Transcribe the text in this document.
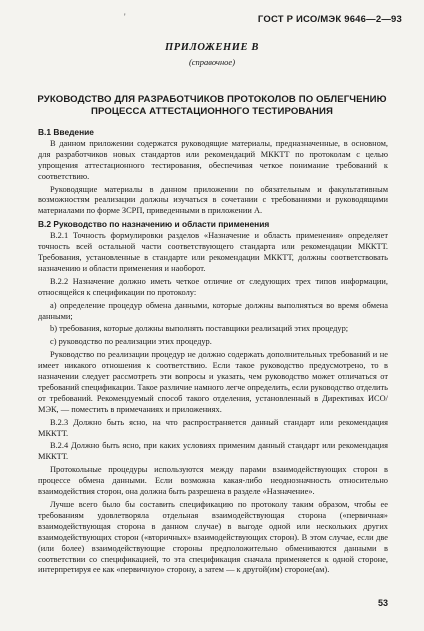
'	ГОСТ Р ИСО/МЭК 9646—2—93
ПРИЛОЖЕНИЕ В
(справочное)
РУКОВОДСТВО ДЛЯ РАЗРАБОТЧИКОВ ПРОТОКОЛОВ ПО ОБЛЕГЧЕНИЮ ПРОЦЕССА АТТЕСТАЦИОННОГО ТЕСТИРОВАНИЯ
В.1 Введение

В данном приложении содержатся руководящие материалы, предназначенные, в основном, для разработчиков новых стандартов или рекомендаций МККТТ по протоколам с целью упрощения аттестационного тестирования, обеспечивая четкое понимание требований к соответствию.

Руководящие материалы в данном приложении по обязательным и факультативным возможностям реализации должны изучаться в сочетании с требованиями и руководящими материалами по форме ЗСРП, приведенными в приложении А.

В.2 Руководство по назначению и области применения

В.2.1 Точность формулировки разделов «Назначение и область применения» определяет точность всей остальной части соответствующего стандарта или рекомендации МККТТ. Требования, установленные в стандарте или рекомендации МККТТ, должны соответствовать назначению и области применения и наоборот.

В.2.2 Назначение должно иметь четкое отличие от следующих трех типов информации, относящейся к спецификации по протоколу:

а) определение процедур обмена данными, которые должны выполняться во время обмена данными;

b) требования, которые должны выполнять поставщики реализаций этих процедур;

с) руководство по реализации этих процедур.

Руководство по реализации процедур не должно содержать дополнительных требований и не имеет никакого отношения к соответствию. Если такое руководство предусмотрено, то в назначении следует рассмотреть эти вопросы и указать, чем руководство может отличаться от требований спецификации. Такое различие намного легче определить, если руководство отделить от требований. Рекомендуемый способ такого отделения, установленный в Директивах ИСО/МЭК, — поместить в примечаниях и приложениях.

В.2.3 Должно быть ясно, на что распространяется данный стандарт или рекомендация МККТТ.

В.2.4 Должно быть ясно, при каких условиях применим данный стандарт или рекомендация МККТТ.

Протокольные процедуры используются между парами взаимодействующих сторон в процессе обмена данными. Если возможна какая-либо неоднозначность относительно взаимодействия сторон, она должна быть разрешена в разделе «Назначение».

Лучше всего было бы составить спецификацию по протоколу таким образом, чтобы ее требованиям удовлетворяла отдельная взаимодействующая сторона («первичная» взаимодействующая сторона в данном случае) в выгоде одной или нескольких других взаимодействующих сторон («вторичных» взаимодействующих сторон). В этом случае, если две (или более) взаимодействующие стороны предположительно обмениваются данными в соответствии со спецификацией, то эта спецификация сначала применяется к одной стороне, интерпретируя ее как «первичную» сторону, а затем — к другой(им) стороне(ам).

53
